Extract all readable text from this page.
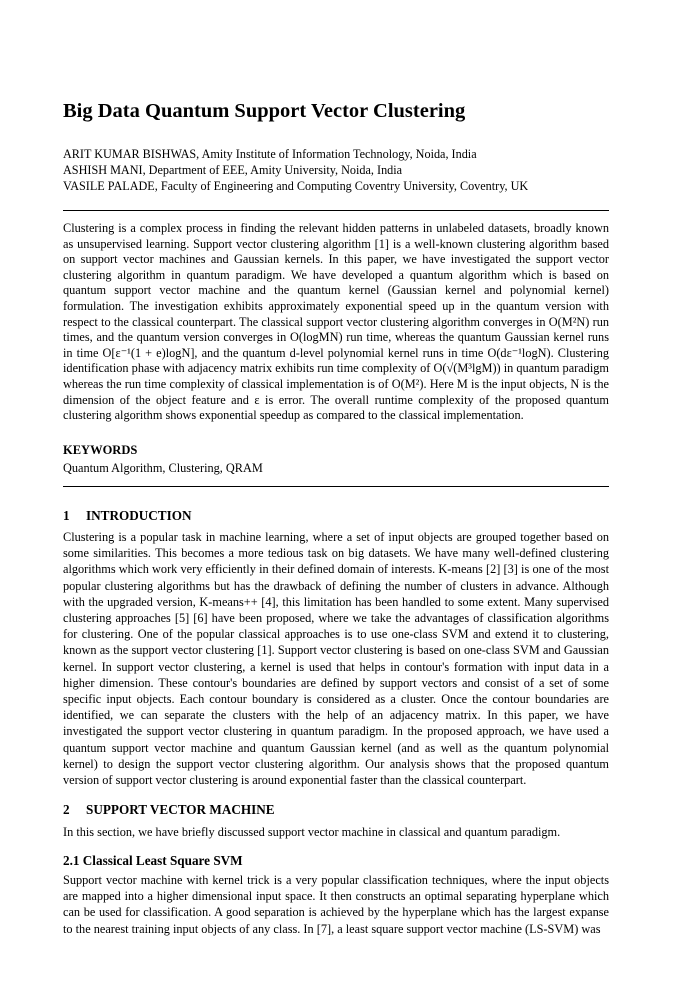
Big Data Quantum Support Vector Clustering
ARIT KUMAR BISHWAS, Amity Institute of Information Technology, Noida, India
ASHISH MANI, Department of EEE, Amity University, Noida, India
VASILE PALADE, Faculty of Engineering and Computing Coventry University, Coventry, UK

Clustering is a complex process in finding the relevant hidden patterns in unlabeled datasets, broadly known as unsupervised learning. Support vector clustering algorithm [1] is a well-known clustering algorithm based on support vector machines and Gaussian kernels. In this paper, we have investigated the support vector clustering algorithm in quantum paradigm. We have developed a quantum algorithm which is based on quantum support vector machine and the quantum kernel (Gaussian kernel and polynomial kernel) formulation. The investigation exhibits approximately exponential speed up in the quantum version with respect to the classical counterpart. The classical support vector clustering algorithm converges in O(M²N) run times, and the quantum version converges in O(logMN) run time, whereas the quantum Gaussian kernel runs in time O[ε⁻¹(1 + e)logN], and the quantum d-level polynomial kernel runs in time O(dε⁻¹logN). Clustering identification phase with adjacency matrix exhibits run time complexity of O(√(M³lgM)) in quantum paradigm whereas the run time complexity of classical implementation is of O(M²). Here M is the input objects, N is the dimension of the object feature and ε is error. The overall runtime complexity of the proposed quantum clustering algorithm shows exponential speedup as compared to the classical implementation.

KEYWORDS

Quantum Algorithm, Clustering, QRAM

1 INTRODUCTION

Clustering is a popular task in machine learning, where a set of input objects are grouped together based on some similarities. This becomes a more tedious task on big datasets. We have many well-defined clustering algorithms which work very efficiently in their defined domain of interests. K-means [2] [3] is one of the most popular clustering algorithms but has the drawback of defining the number of clusters in advance. Although with the upgraded version, K-means++ [4], this limitation has been handled to some extent. Many supervised clustering approaches [5] [6] have been proposed, where we take the advantages of classification algorithms for clustering. One of the popular classical approaches is to use one-class SVM and extend it to clustering, known as the support vector clustering [1]. Support vector clustering is based on one-class SVM and Gaussian kernel. In support vector clustering, a kernel is used that helps in contour's formation with input data in a higher dimension. These contour's boundaries are defined by support vectors and consist of a set of some specific input objects. Each contour boundary is considered as a cluster. Once the contour boundaries are identified, we can separate the clusters with the help of an adjacency matrix. In this paper, we have investigated the support vector clustering in quantum paradigm. In the proposed approach, we have used a quantum support vector machine and quantum Gaussian kernel (and as well as the quantum polynomial kernel) to design the support vector clustering algorithm. Our analysis shows that the proposed quantum version of support vector clustering is around exponential faster than the classical counterpart.

2 SUPPORT VECTOR MACHINE

In this section, we have briefly discussed support vector machine in classical and quantum paradigm.

2.1 Classical Least Square SVM

Support vector machine with kernel trick is a very popular classification techniques, where the input objects are mapped into a higher dimensional input space. It then constructs an optimal separating hyperplane which can be used for classification. A good separation is achieved by the hyperplane which has the largest expanse to the nearest training input objects of any class. In [7], a least square support vector machine (LS-SVM) was
